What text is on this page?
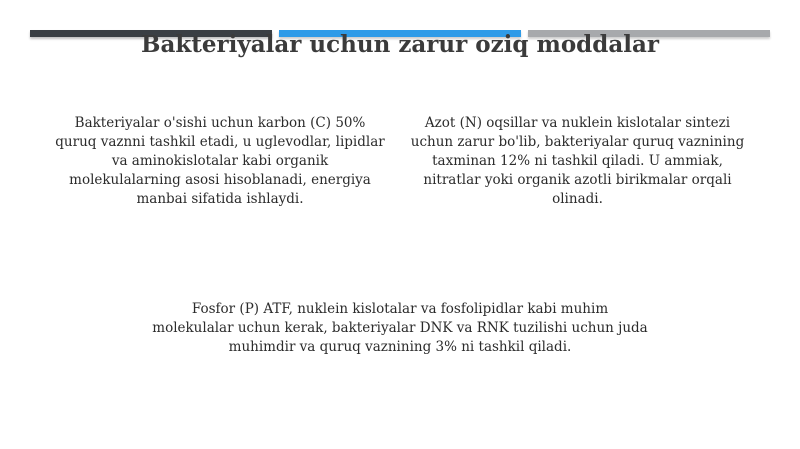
Bakteriyalar uchun zarur oziq moddalar

Bakteriyalar o'sishi uchun karbon (C) 50% quruq vaznni tashkil etadi, u uglevodlar, lipidlar va aminokislotalar kabi organik molekulalarning asosi hisoblanadi, energiya manbai sifatida ishlaydi.

Azot (N) oqsillar va nuklein kislotalar sintezi uchun zarur bo'lib, bakteriyalar quruq vaznining taxminan 12% ni tashkil qiladi. U ammiak, nitratlar yoki organik azotli birikmalar orqali olinadi.

Fosfor (P) ATF, nuklein kislotalar va fosfolipidlar kabi muhim molekulalar uchun kerak, bakteriyalar DNK va RNK tuzilishi uchun juda muhimdir va quruq vaznining 3% ni tashkil qiladi.
